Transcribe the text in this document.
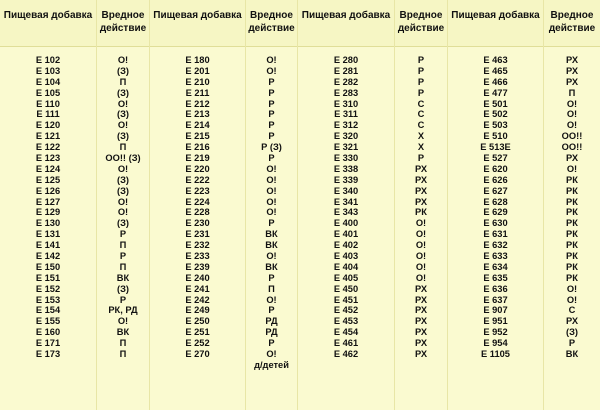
Пищевая добавка
E 102
E 103
E 104
E 105
E 110
E 111
E 120
E 121
E 122
E 123
E 124
E 125
E 126
E 127
E 129
E 130
E 131
E 141
E 142
E 150
E 151
E 152
E 153
E 154
E 155
E 160
E 171
E 173
Вредное
действие
О!
(З)
П
(З)
О!
(З)
О!
(З)
П
ОО!! (З)
О!
(З)
(З)
О!
О!
(З)
Р
П
Р
П
ВК
(З)
Р
РК, РД
О!
ВК
П
П
Пищевая добавка
E 180
E 201
E 210
E 211
E 212
E 213
E 214
E 215
E 216
E 219
E 220
E 222
E 223
E 224
E 228
E 230
E 231
E 232
E 233
E 239
E 240
E 241
E 242
E 249
E 250
E 251
E 252
E 270
Вредное
действие
О!
О!
Р
Р
Р
Р
Р
Р
Р (З)
Р
О!
О!
О!
О!
О!
Р
ВК
ВК
О!
ВК
Р
П
О!
Р
РД
РД
Р
О!
д/детей
Пищевая добавка
E 280
E 281
E 282
E 283
E 310
E 311
E 312
E 320
E 321
E 330
E 338
E 339
E 340
E 341
E 343
E 400
E 401
E 402
E 403
E 404
E 405
E 450
E 451
E 452
E 453
E 454
E 461
E 462
Вредное
действие
Р
Р
Р
Р
С
С
С
Х
Х
Р
РХ
РХ
РХ
РХ
РК
О!
О!
О!
О!
О!
О!
РХ
РХ
РХ
РХ
РХ
РХ
РХ
Пищевая добавка
E 463
E 465
E 466
E 477
E 501
E 502
E 503
E 510
E 513E
E 527
E 620
E 626
E 627
E 628
E 629
E 630
E 631
E 632
E 633
E 634
E 635
E 636
E 637
E 907
E 951
E 952
E 954
E 1105
Вредное
действие
РХ
РХ
РХ
П
О!
О!
О!
ОО!!
ОО!!
РХ
О!
РК
РК
РК
РК
РК
РК
РК
РК
РК
РК
О!
О!
С
РХ
(З)
Р
ВК
